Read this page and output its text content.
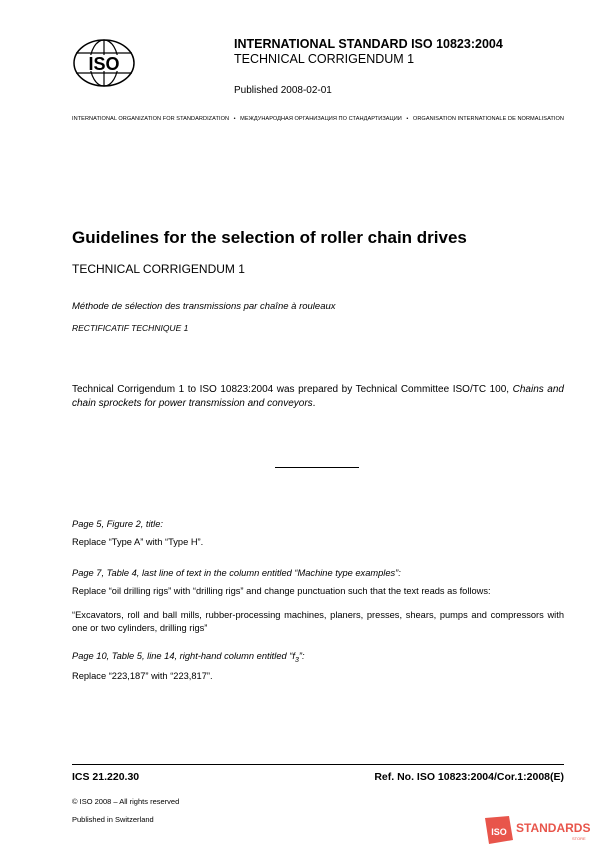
ISO
INTERNATIONAL STANDARD ISO 10823:2004
TECHNICAL CORRIGENDUM 1
Published 2008-02-01
INTERNATIONAL ORGANIZATION FOR STANDARDIZATION • МЕЖДУНАРОДНАЯ ОРГАНИЗАЦИЯ ПО СТАНДАРТИЗАЦИИ • ORGANISATION INTERNATIONALE DE NORMALISATION
Guidelines for the selection of roller chain drives
TECHNICAL CORRIGENDUM 1
Méthode de sélection des transmissions par chaîne à rouleaux
RECTIFICATIF TECHNIQUE 1
Technical Corrigendum 1 to ISO 10823:2004 was prepared by Technical Committee ISO/TC 100, Chains and chain sprockets for power transmission and conveyors.
Page 5, Figure 2, title:
Replace “Type A” with “Type H”.
Page 7, Table 4, last line of text in the column entitled “Machine type examples”:
Replace “oil drilling rigs” with “drilling rigs” and change punctuation such that the text reads as follows:
“Excavators, roll and ball mills, rubber-processing machines, planers, presses, shears, pumps and compressors with one or two cylinders, drilling rigs”
Page 10, Table 5, line 14, right-hand column entitled “$f_3$”:
Replace “223,187” with “223,817”.
ICS 21.220.30	Ref. No. ISO 10823:2004/Cor.1:2008(E)
© ISO 2008 – All rights reserved
Published in Switzerland
ISO STANDARDS
STORE
